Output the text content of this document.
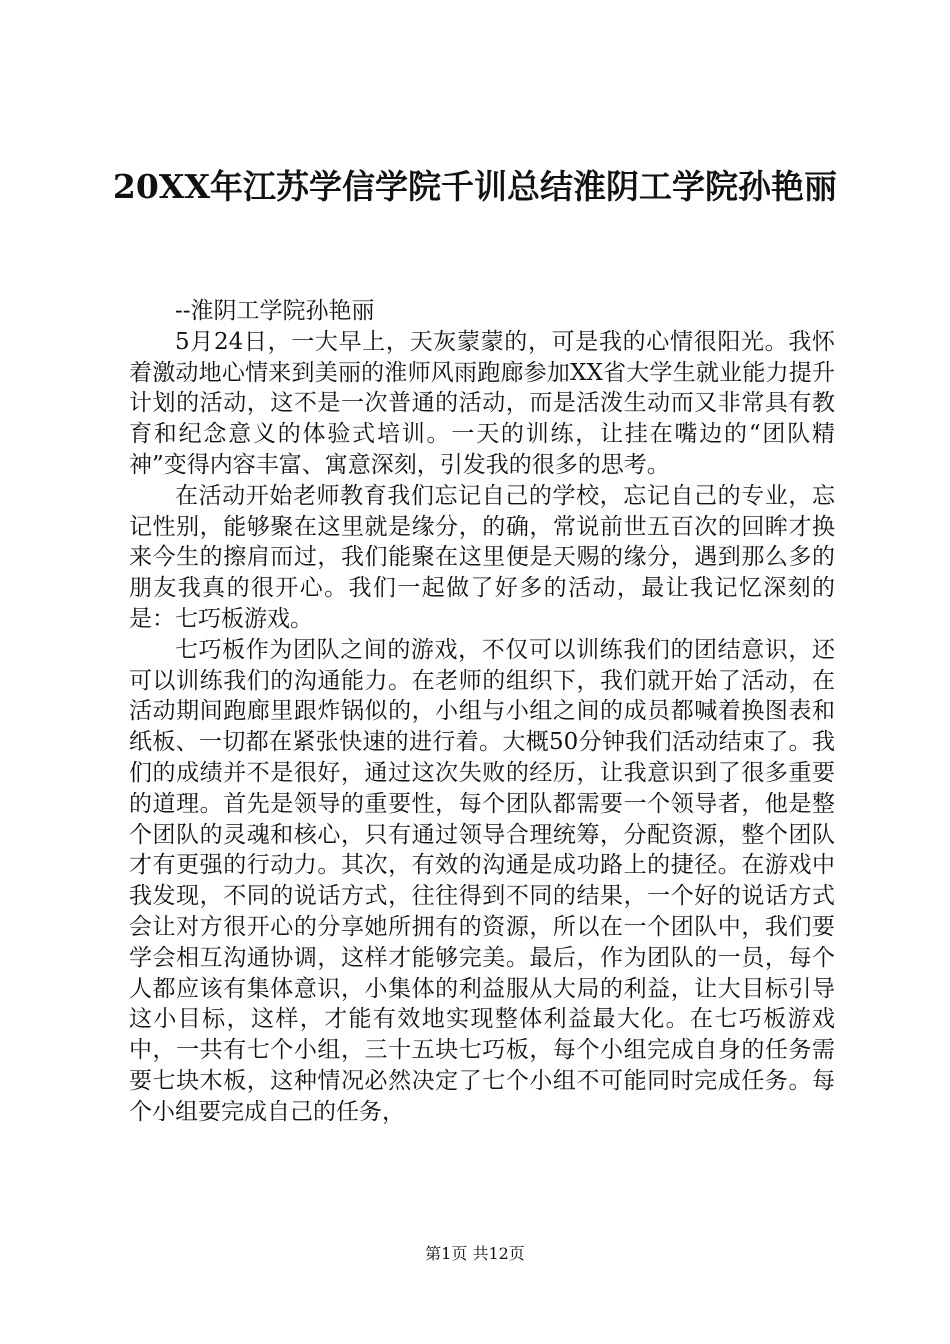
20XX年江苏学信学院千训总结淮阴工学院孙艳丽

--淮阴工学院孙艳丽

5月24日，一大早上，天灰蒙蒙的，可是我的心情很阳光。我怀着激动地心情来到美丽的淮师风雨跑廊参加XX省大学生就业能力提升计划的活动，这不是一次普通的活动，而是活泼生动而又非常具有教育和纪念意义的体验式培训。一天的训练，让挂在嘴边的“团队精神”变得内容丰富、寓意深刻，引发我的很多的思考。

在活动开始老师教育我们忘记自己的学校，忘记自己的专业，忘记性别，能够聚在这里就是缘分，的确，常说前世五百次的回眸才换来今生的擦肩而过，我们能聚在这里便是天赐的缘分，遇到那么多的朋友我真的很开心。我们一起做了好多的活动，最让我记忆深刻的是：七巧板游戏。

七巧板作为团队之间的游戏，不仅可以训练我们的团结意识，还可以训练我们的沟通能力。在老师的组织下，我们就开始了活动，在活动期间跑廊里跟炸锅似的，小组与小组之间的成员都喊着换图表和纸板、一切都在紧张快速的进行着。大概50分钟我们活动结束了。我们的成绩并不是很好，通过这次失败的经历，让我意识到了很多重要的道理。首先是领导的重要性，每个团队都需要一个领导者，他是整个团队的灵魂和核心，只有通过领导合理统筹，分配资源，整个团队才有更强的行动力。其次，有效的沟通是成功路上的捷径。在游戏中我发现，不同的说话方式，往往得到不同的结果，一个好的说话方式会让对方很开心的分享她所拥有的资源，所以在一个团队中，我们要学会相互沟通协调，这样才能够完美。最后，作为团队的一员，每个人都应该有集体意识，小集体的利益服从大局的利益，让大目标引导这小目标，这样，才能有效地实现整体利益最大化。在七巧板游戏中，一共有七个小组，三十五块七巧板，每个小组完成自身的任务需要七块木板，这种情况必然决定了七个小组不可能同时完成任务。每个小组要完成自己的任务，

第1页 共12页
